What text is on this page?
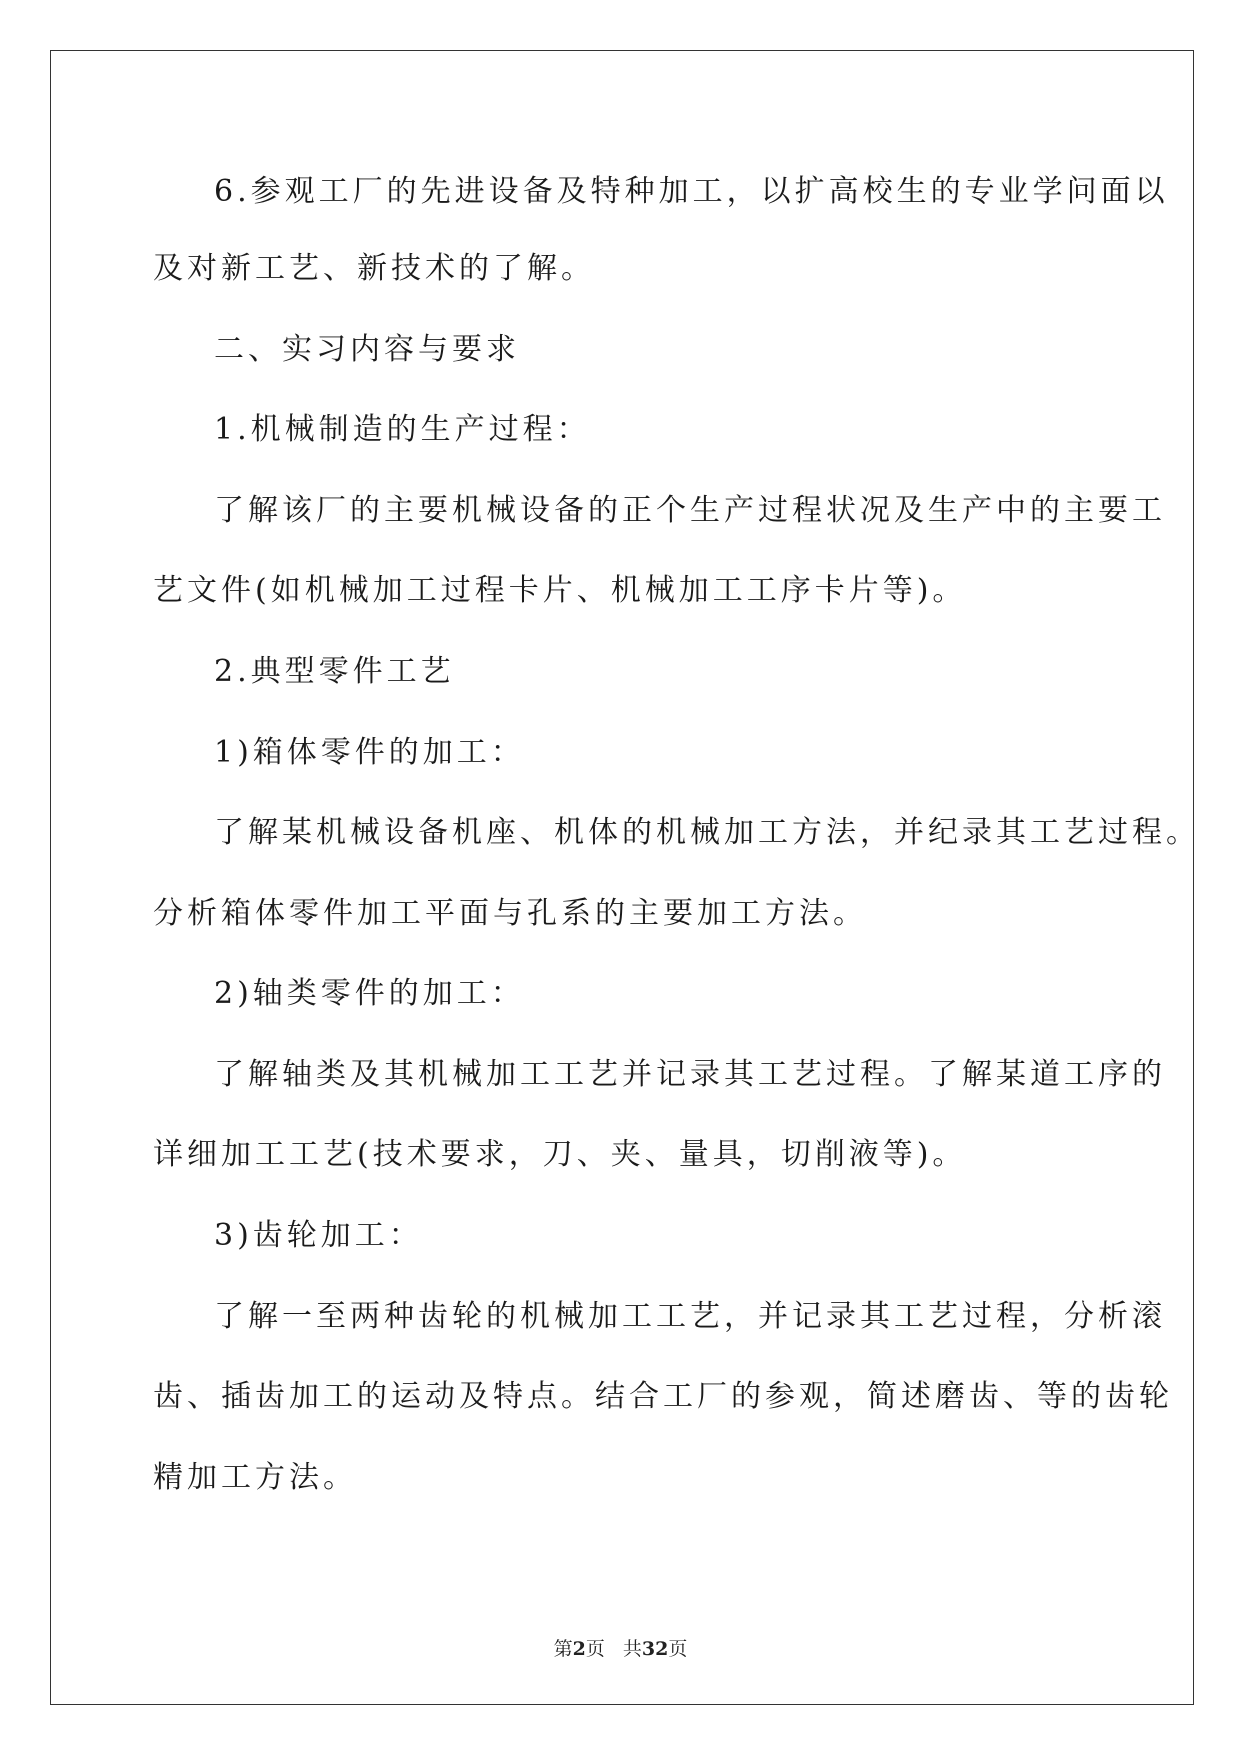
6.参观工厂的先进设备及特种加工，以扩高校生的专业学问面以
及对新工艺、新技术的了解。
二、实习内容与要求
1.机械制造的生产过程：
了解该厂的主要机械设备的正个生产过程状况及生产中的主要工
艺文件(如机械加工过程卡片、机械加工工序卡片等)。
2.典型零件工艺
1)箱体零件的加工：
了解某机械设备机座、机体的机械加工方法，并纪录其工艺过程。
分析箱体零件加工平面与孔系的主要加工方法。
2)轴类零件的加工：
了解轴类及其机械加工工艺并记录其工艺过程。了解某道工序的
详细加工工艺(技术要求，刀、夹、量具，切削液等)。
3)齿轮加工：
了解一至两种齿轮的机械加工工艺，并记录其工艺过程，分析滚
齿、插齿加工的运动及特点。结合工厂的参观，简述磨齿、等的齿轮
精加工方法。
第2页 共32页
